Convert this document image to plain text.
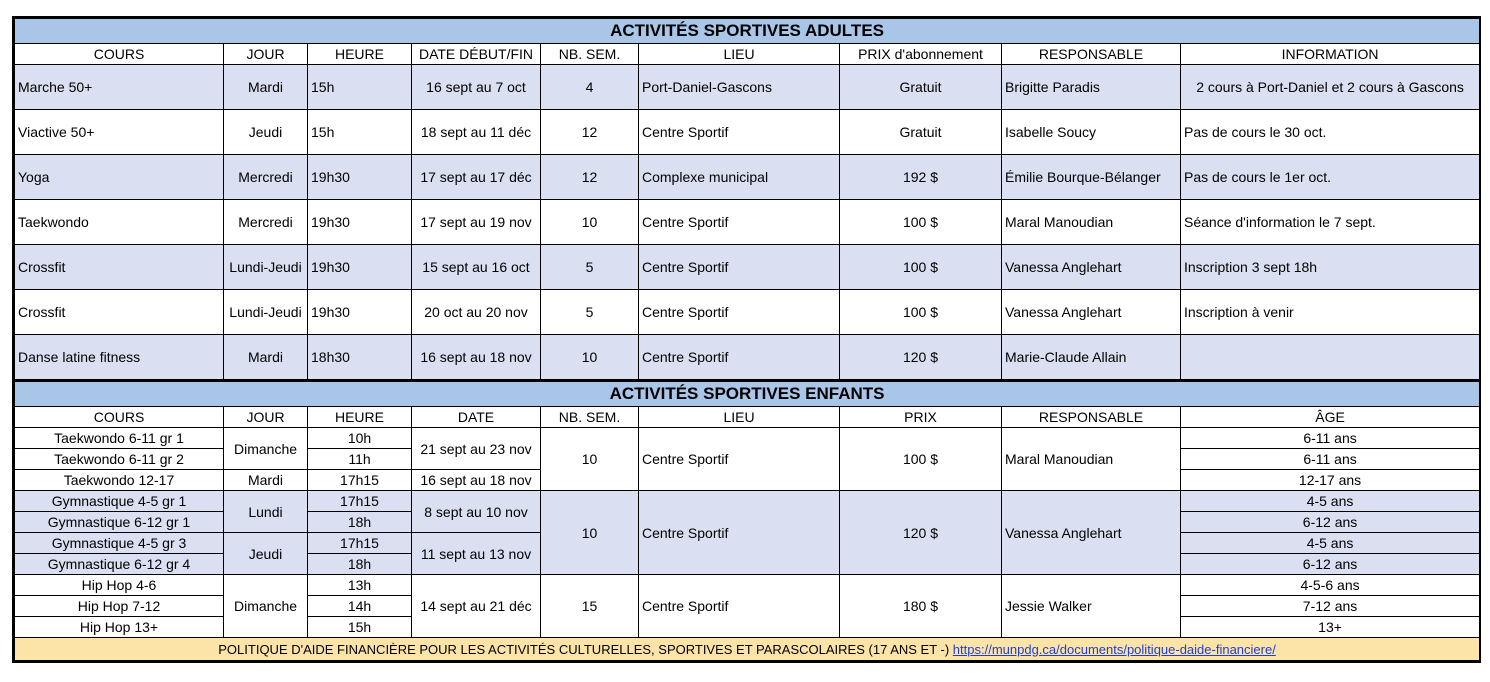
ACTIVITÉS SPORTIVES ADULTES								
COURS	JOUR	HEURE	DATE DÉBUT/FIN	NB. SEM.	LIEU	PRIX d'abonnement	RESPONSABLE	INFORMATION
Marche 50+	Mardi	15h	16 sept au 7 oct	4	Port-Daniel-Gascons	Gratuit	Brigitte Paradis	2 cours à Port-Daniel et 2 cours à Gascons
Viactive 50+	Jeudi	15h	18 sept au 11 déc	12	Centre Sportif	Gratuit	Isabelle Soucy	Pas de cours le 30 oct.
Yoga	Mercredi	19h30	17 sept au 17 déc	12	Complexe municipal	192 $	Émilie Bourque-Bélanger	Pas de cours le 1er oct.
Taekwondo	Mercredi	19h30	17 sept au 19 nov	10	Centre Sportif	100 $	Maral Manoudian	Séance d'information le 7 sept.
Crossfit	Lundi-Jeudi	19h30	15 sept au 16 oct	5	Centre Sportif	100 $	Vanessa Anglehart	Inscription 3 sept 18h
Crossfit	Lundi-Jeudi	19h30	20 oct au 20 nov	5	Centre Sportif	100 $	Vanessa Anglehart	Inscription à venir
Danse latine fitness	Mardi	18h30	16 sept au 18 nov	10	Centre Sportif	120 $	Marie-Claude Allain	
ACTIVITÉS SPORTIVES ENFANTS								
COURS	JOUR	HEURE	DATE	NB. SEM.	LIEU	PRIX	RESPONSABLE	ÂGE
Taekwondo 6-11 gr 1	Dimanche	10h	21 sept au 23 nov	10	Centre Sportif	100 $	Maral Manoudian	6-11 ans
Taekwondo 6-11 gr 2		11h						6-11 ans
Taekwondo 12-17	Mardi	17h15	16 sept au 18 nov					12-17 ans
Gymnastique 4-5 gr 1	Lundi	17h15	8 sept au 10 nov	10	Centre Sportif	120 $	Vanessa Anglehart	4-5 ans
Gymnastique 6-12 gr 1		18h						6-12 ans
Gymnastique 4-5 gr 3	Jeudi	17h15	11 sept au 13 nov					4-5 ans
Gymnastique 6-12 gr 4		18h						6-12 ans
Hip Hop 4-6	Dimanche	13h	14 sept au 21 déc	15	Centre Sportif	180 $	Jessie Walker	4-5-6 ans
Hip Hop 7-12		14h						7-12 ans
Hip Hop 13+		15h						13+
POLITIQUE D'AIDE FINANCIÈRE POUR LES ACTIVITÉS CULTURELLES, SPORTIVES ET PARASCOLAIRES (17 ANS ET -) https://munpdg.ca/documents/politique-daide-financiere/								
